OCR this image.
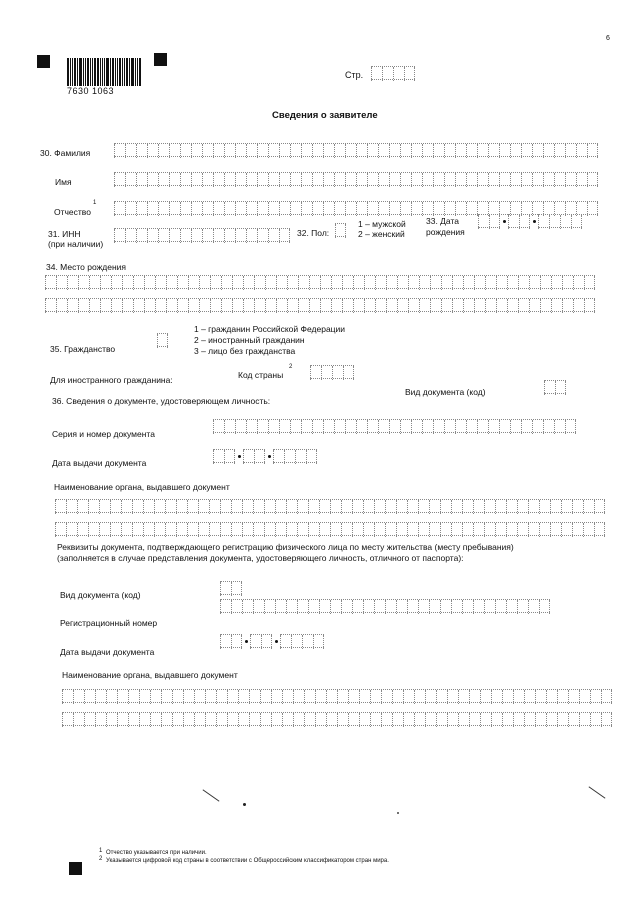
6
7630 1063
Стр.
Сведения о заявителе
30. Фамилия
Имя
Отчество
1
31. ИНН
(при наличии)
32. Пол:
1 – мужской
2 – женский
33. Дата
рождения
34. Место рождения
35. Гражданство
1 – гражданин Российской Федерации
2 – иностранный гражданин
3 – лицо без гражданства
Для иностранного гражданина:	Код страны
2
Вид документа (код)
36. Сведения о документе, удостоверяющем личность:
Серия и номер документа
Дата выдачи документа
Наименование органа, выдавшего документ
Реквизиты документа, подтверждающего регистрацию физического лица по месту жительства (месту пребывания)
(заполняется в случае представления документа, удостоверяющего личность, отличного от паспорта):
Вид документа (код)
Регистрационный номер
Дата выдачи документа
Наименование органа, выдавшего документ
1 Отчество указывается при наличии.
2 Указывается цифровой код страны в соответствии с Общероссийским классификатором стран мира.
